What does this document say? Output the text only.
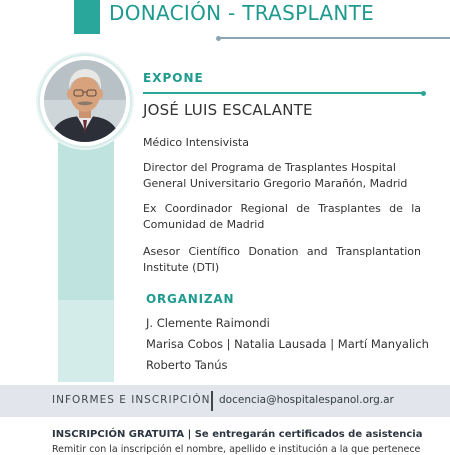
DONACIÓN - TRASPLANTE
EXPONE
JOSÉ LUIS ESCALANTE

Médico Intensivista

Director del Programa de Trasplantes Hospital General Universitario Gregorio Marañón, Madrid

Ex Coordinador Regional de Trasplantes de la Comunidad de Madrid

Asesor Científico Donation and Transplantation Institute (DTI)

ORGANIZAN
J. Clemente Raimondi
Marisa Cobos | Natalia Lausada | Martí Manyalich
Roberto Tanús
INFORMES E INSCRIPCIÓN docencia@hospitalespanol.org.ar
INSCRIPCIÓN GRATUITA | Se entregarán certificados de asistencia
Remitir con la inscripción el nombre, apellido e institución a la que pertenece
